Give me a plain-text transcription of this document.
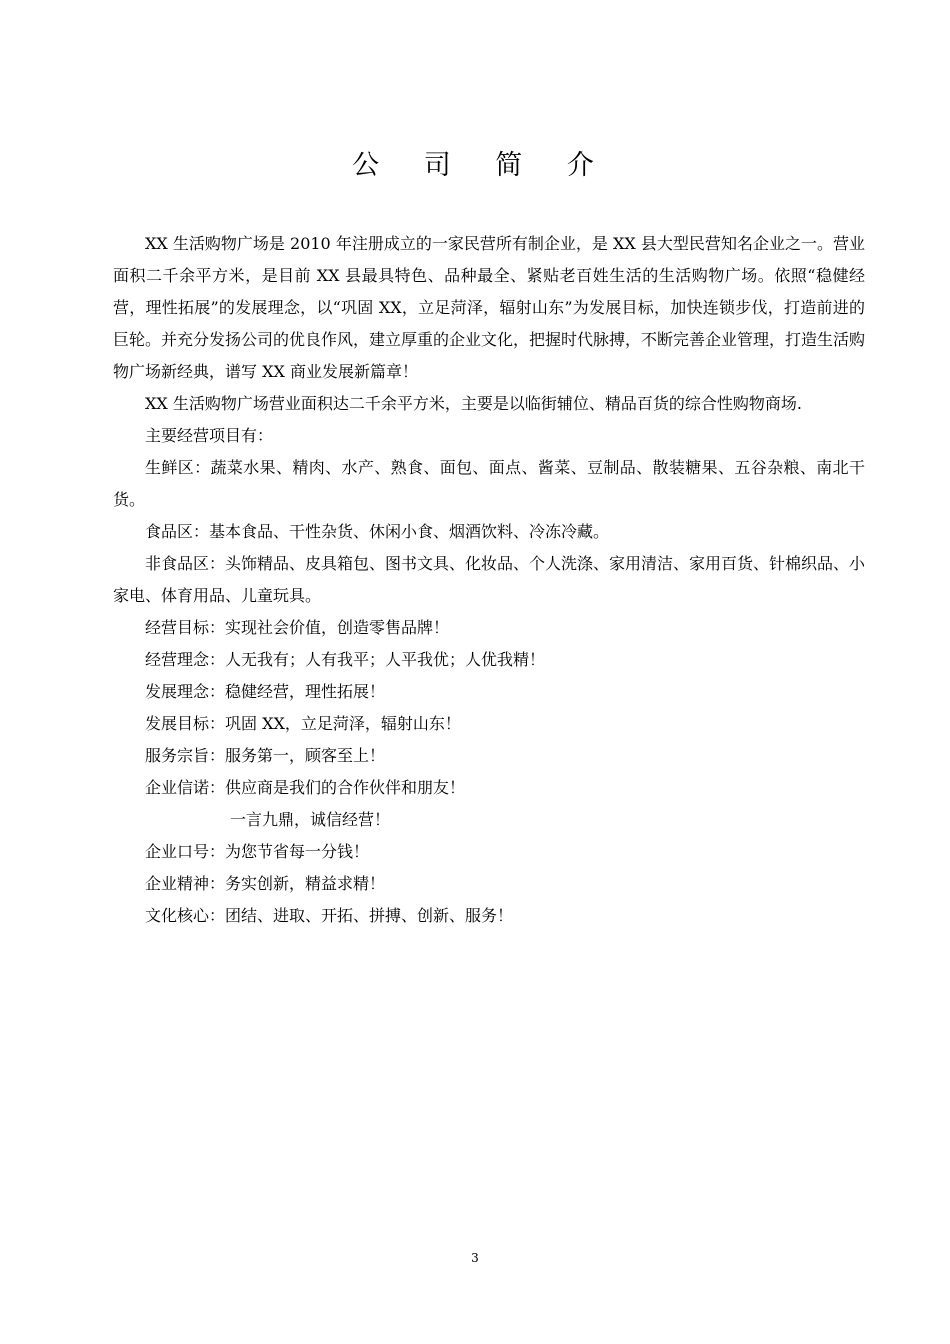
公 司 简 介

XX 生活购物广场是 2010 年注册成立的一家民营所有制企业，是 XX 县大型民营知名企业之一。营业面积二千余平方米，是目前 XX 县最具特色、品种最全、紧贴老百姓生活的生活购物广场。依照“稳健经营，理性拓展”的发展理念，以“巩固 XX，立足菏泽，辐射山东”为发展目标，加快连锁步伐，打造前进的巨轮。并充分发扬公司的优良作风，建立厚重的企业文化，把握时代脉搏，不断完善企业管理，打造生活购物广场新经典，谱写 XX 商业发展新篇章！

XX 生活购物广场营业面积达二千余平方米，主要是以临街辅位、精品百货的综合性购物商场.

主要经营项目有：

生鲜区：蔬菜水果、精肉、水产、熟食、面包、面点、酱菜、豆制品、散装糖果、五谷杂粮、南北干货。

食品区：基本食品、干性杂货、休闲小食、烟酒饮料、冷冻冷藏。

非食品区：头饰精品、皮具箱包、图书文具、化妆品、个人洗涤、家用清洁、家用百货、针棉织品、小家电、体育用品、儿童玩具。

经营目标：实现社会价值，创造零售品牌！

经营理念：人无我有；人有我平；人平我优；人优我精！

发展理念：稳健经营，理性拓展！

发展目标：巩固 XX，立足菏泽，辐射山东！

服务宗旨：服务第一，顾客至上！

企业信诺：供应商是我们的合作伙伴和朋友！

一言九鼎，诚信经营！

企业口号：为您节省每一分钱！

企业精神：务实创新，精益求精！

文化核心：团结、进取、开拓、拼搏、创新、服务！

3
